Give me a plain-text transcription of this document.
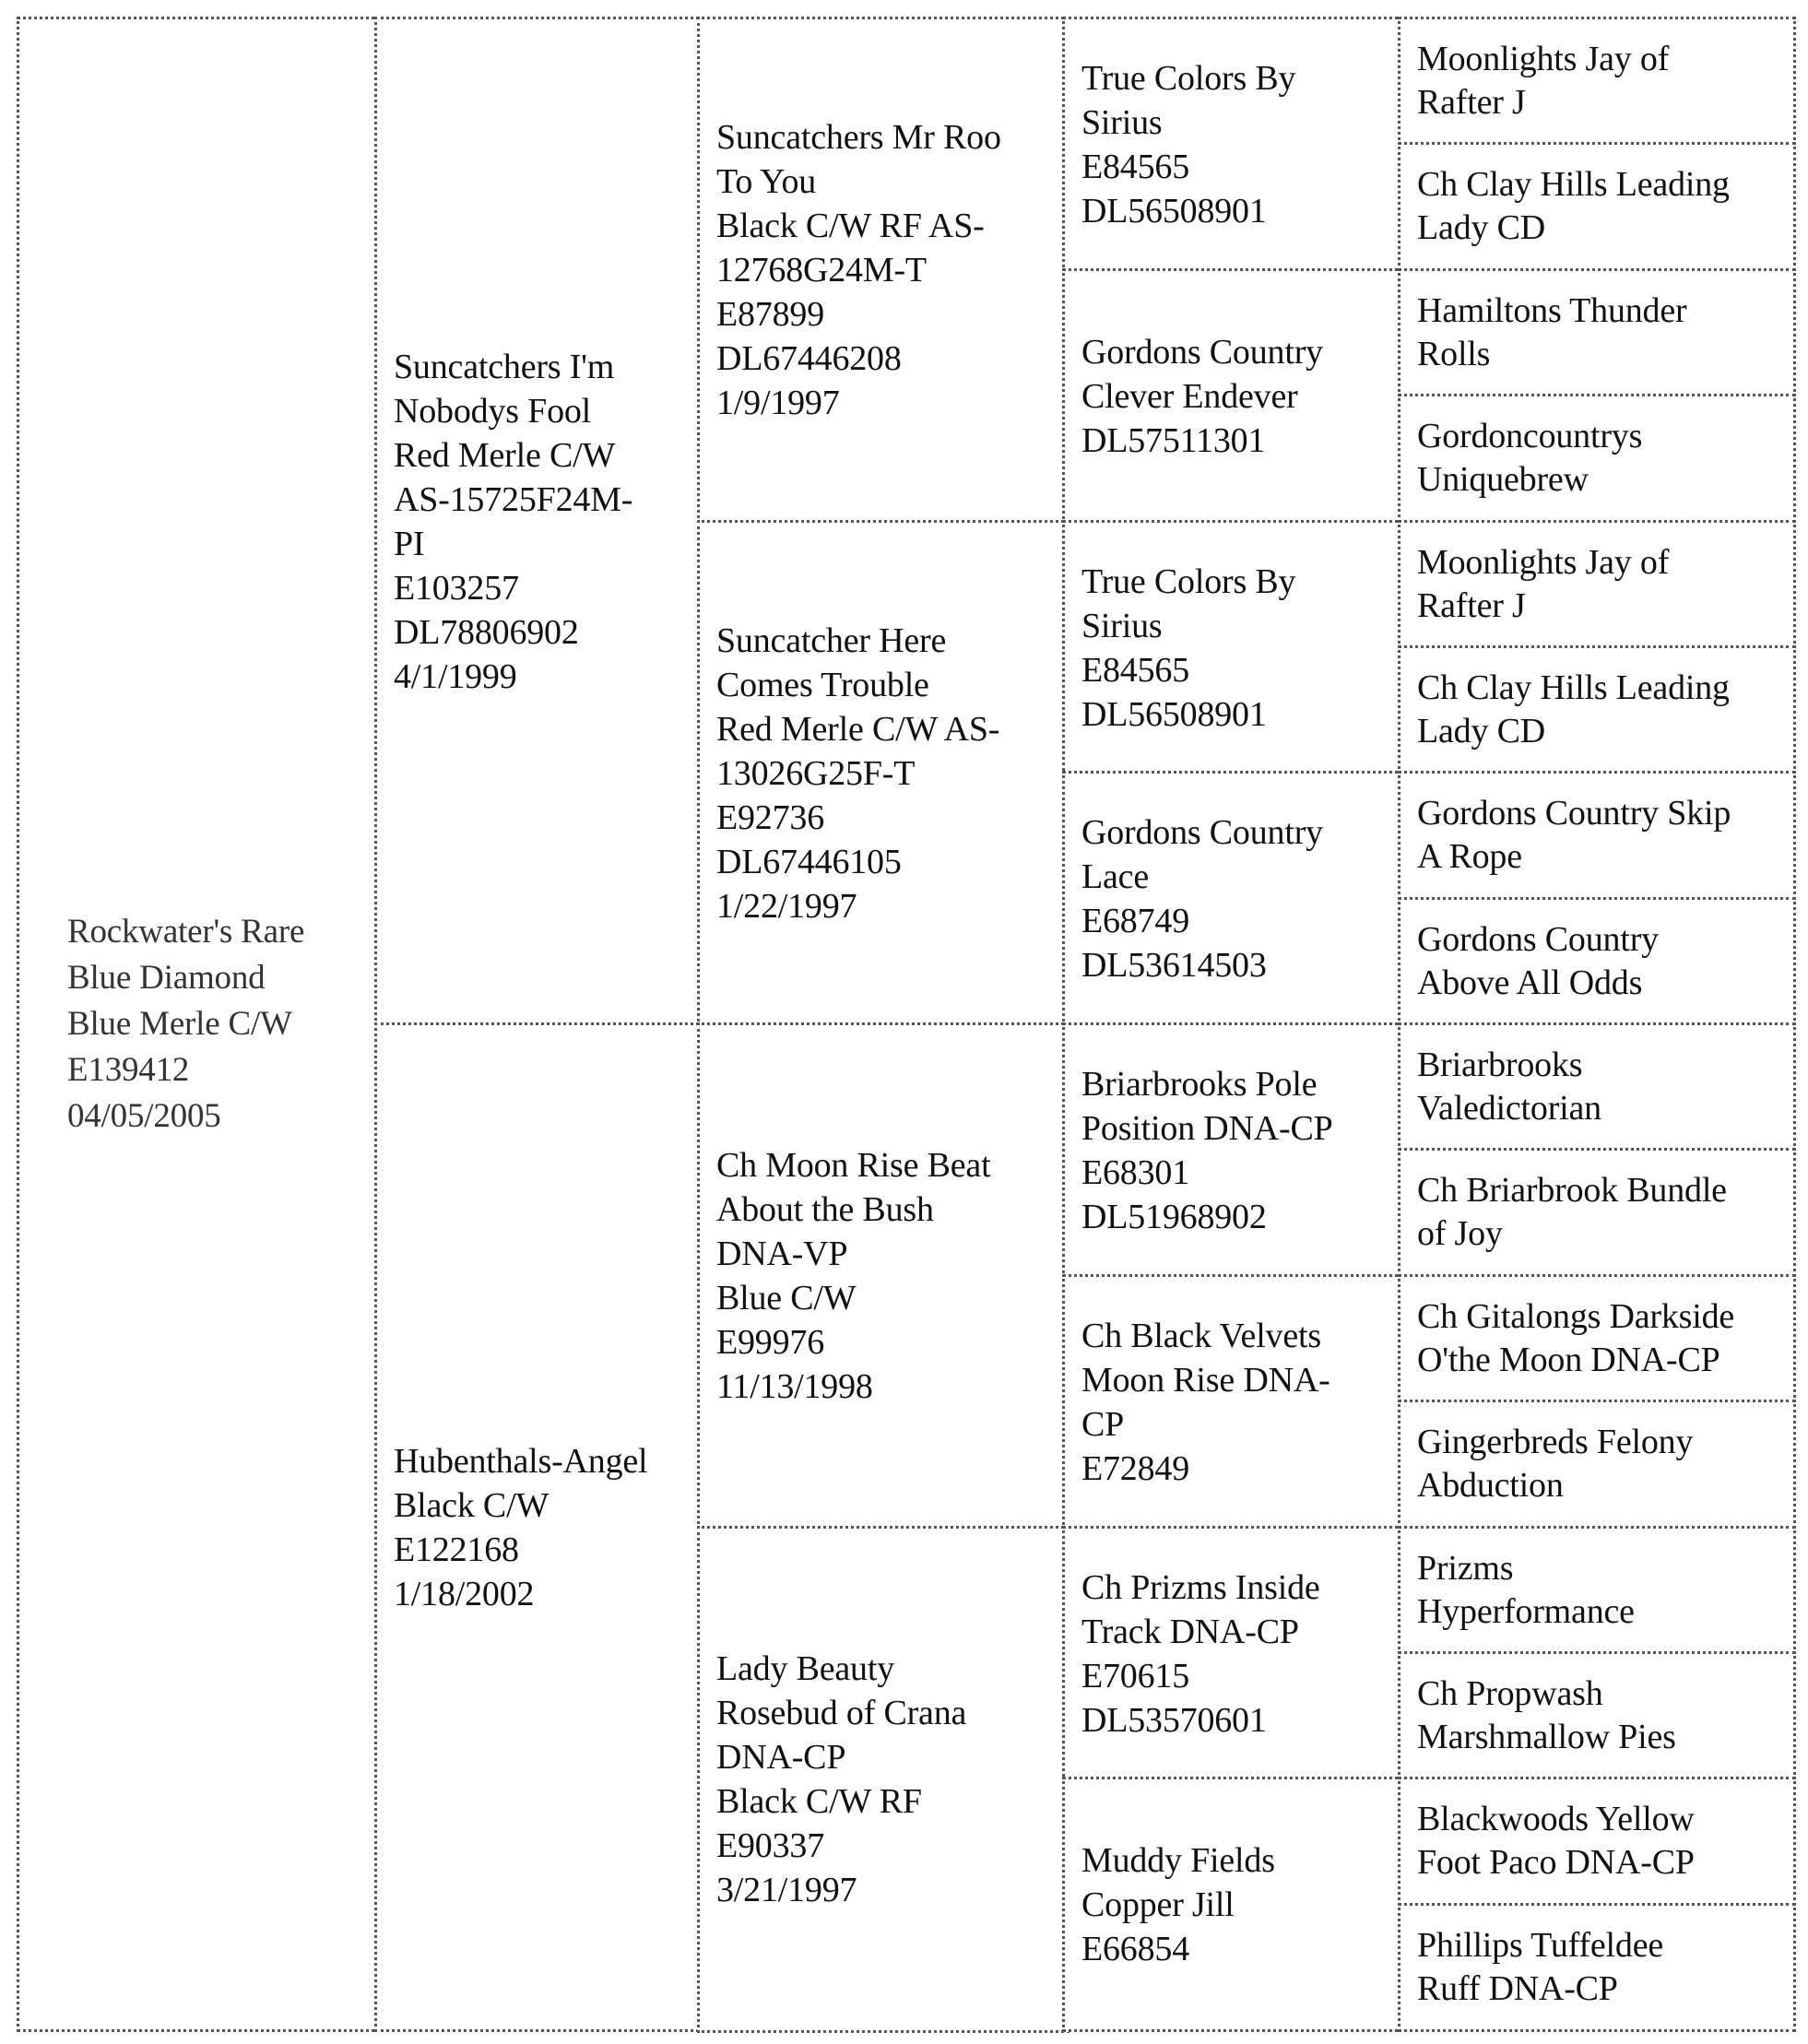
Rockwater's Rare
Blue Diamond
Blue Merle C/W
E139412
04/05/2005
Suncatchers I'm
Nobodys Fool
Red Merle C/W
AS-15725F24M-
PI
E103257
DL78806902
4/1/1999
Hubenthals-Angel
Black C/W
E122168
1/18/2002
Suncatchers Mr Roo
To You
Black C/W RF AS-
12768G24M-T
E87899
DL67446208
1/9/1997
Suncatcher Here
Comes Trouble
Red Merle C/W AS-
13026G25F-T
E92736
DL67446105
1/22/1997
Ch Moon Rise Beat
About the Bush
DNA-VP
Blue C/W
E99976
11/13/1998
Lady Beauty
Rosebud of Crana
DNA-CP
Black C/W RF
E90337
3/21/1997
True Colors By
Sirius
E84565
DL56508901
Gordons Country
Clever Endever
DL57511301
True Colors By
Sirius
E84565
DL56508901
Gordons Country
Lace
E68749
DL53614503
Briarbrooks Pole
Position DNA-CP
E68301
DL51968902
Ch Black Velvets
Moon Rise DNA-
CP
E72849
Ch Prizms Inside
Track DNA-CP
E70615
DL53570601
Muddy Fields
Copper Jill
E66854
Moonlights Jay of
Rafter J
Ch Clay Hills Leading
Lady CD
Hamiltons Thunder
Rolls
Gordoncountrys
Uniquebrew
Moonlights Jay of
Rafter J
Ch Clay Hills Leading
Lady CD
Gordons Country Skip
A Rope
Gordons Country
Above All Odds
Briarbrooks
Valedictorian
Ch Briarbrook Bundle
of Joy
Ch Gitalongs Darkside
O'the Moon DNA-CP
Gingerbreds Felony
Abduction
Prizms
Hyperformance
Ch Propwash
Marshmallow Pies
Blackwoods Yellow
Foot Paco DNA-CP
Phillips Tuffeldee
Ruff DNA-CP
